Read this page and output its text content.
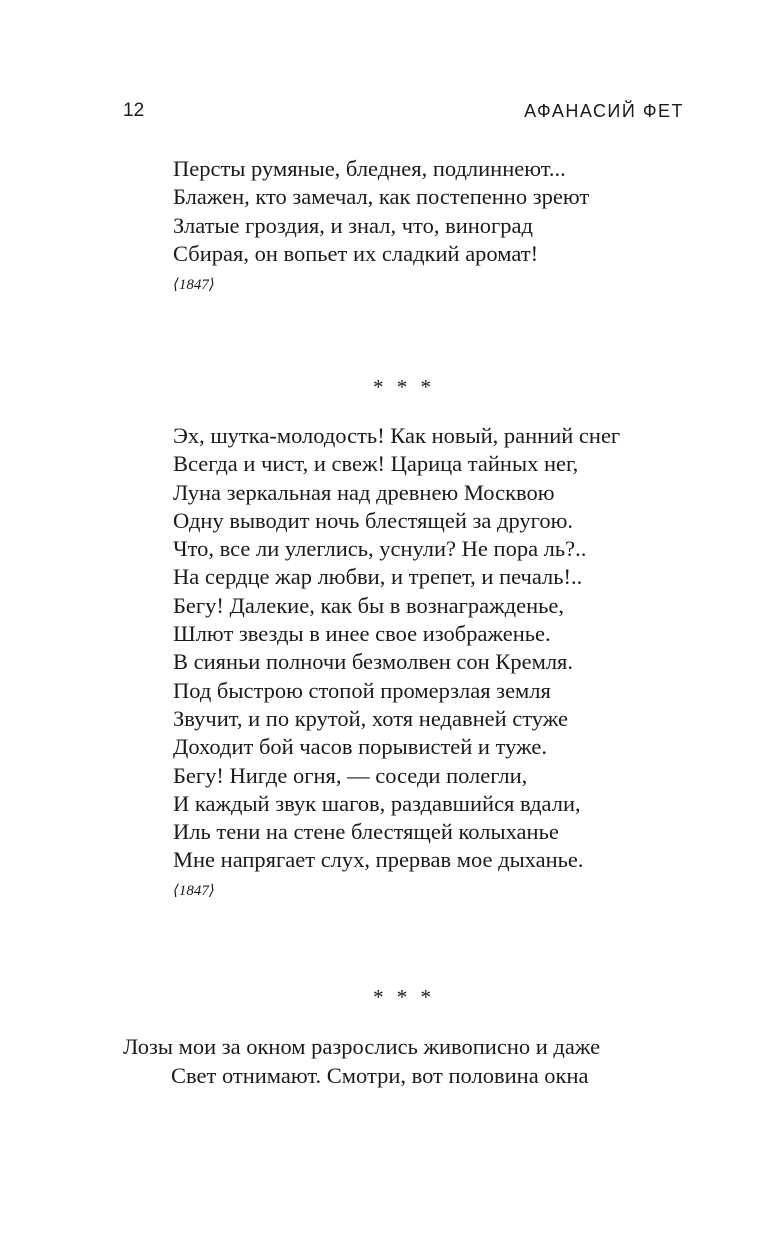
12	АФАНАСИЙ ФЕТ
Персты румяные, бледнея, подлиннеют...
Блажен, кто замечал, как постепенно зреют
Златые гроздия, и знал, что, виноград
Сбирая, он вопьет их сладкий аромат!
⟨1847⟩
* * *
Эх, шутка-молодость! Как новый, ранний снег
Всегда и чист, и свеж! Царица тайных нег,
Луна зеркальная над древнею Москвою
Одну выводит ночь блестящей за другою.
Что, все ли улеглись, уснули? Не пора ль?..
На сердце жар любви, и трепет, и печаль!..
Бегу! Далекие, как бы в вознагражденье,
Шлют звезды в инее свое изображенье.
В сияньи полночи безмолвен сон Кремля.
Под быстрою стопой промерзлая земля
Звучит, и по крутой, хотя недавней стуже
Доходит бой часов порывистей и туже.
Бегу! Нигде огня, — соседи полегли,
И каждый звук шагов, раздавшийся вдали,
Иль тени на стене блестящей колыханье
Мне напрягает слух, прервав мое дыханье.
⟨1847⟩
* * *
Лозы мои за окном разрослись живописно и даже
Свет отнимают. Смотри, вот половина окна
